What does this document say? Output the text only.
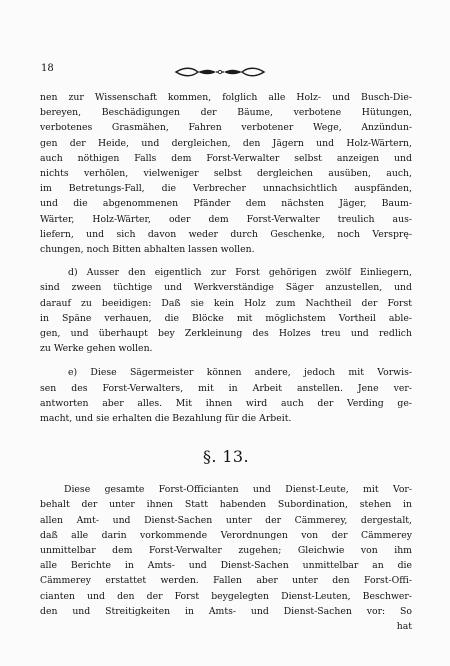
18
nen zur Wissenschaft kommen, folglich alle Holz- und Busch-Die-
bereyen, Beschädigungen der Bäume, verbotene Hütungen,
verbotenes Grasmähen, Fahren verbotener Wege, Anzündun-
gen der Heide, und dergleichen, den Jägern und Holz-Wärtern,
auch nöthigen Falls dem Forst-Verwalter selbst anzeigen und
nichts verhölen, vielweniger selbst dergleichen ausüben, auch,
im Betretungs-Fall, die Verbrecher unnachsichtlich auspfänden,
und die abgenommenen Pfänder dem nächsten Jäger, Baum-
Wärter, Holz-Wärter, oder dem Forst-Verwalter treulich aus-
liefern, und sich davon weder durch Geschenke, noch Versprę-
chungen, noch Bitten abhalten lassen wollen.
d) Ausser den eigentlich zur Forst gehörigen zwölf Einliegern,
sind zween tüchtige und Werkverständige Säger anzustellen, und
darauf zu beeidigen: Daß sie kein Holz zum Nachtheil der Forst
in Späne verhauen, die Blöcke mit möglichstem Vortheil able-
gen, und überhaupt bey Zerkleinung des Holzes treu und redlich
zu Werke gehen wollen.
e) Diese Sägermeister können andere, jedoch mit Vorwis-
sen des Forst-Verwalters, mit in Arbeit anstellen. Jene ver-
antworten aber alles. Mit ihnen wird auch der Verding ge-
macht, und sie erhalten die Bezahlung für die Arbeit.
§. 13.
Diese gesamte Forst-Officianten und Dienst-Leute, mit Vor-
behalt der unter ihnen Statt habenden Subordination, stehen in
allen Amt- und Dienst-Sachen unter der Cämmerey, dergestalt,
daß alle darin vorkommende Verordnungen von der Cämmerey
unmittelbar dem Forst-Verwalter zugehen; Gleichwie von ihm
alle Berichte in Amts- und Dienst-Sachen unmittelbar an die
Cämmerey erstattet werden. Fallen aber unter den Forst-Offi-
cianten und den der Forst beygelegten Dienst-Leuten, Beschwer-
den und Streitigkeiten in Amts- und Dienst-Sachen vor: So
hat
